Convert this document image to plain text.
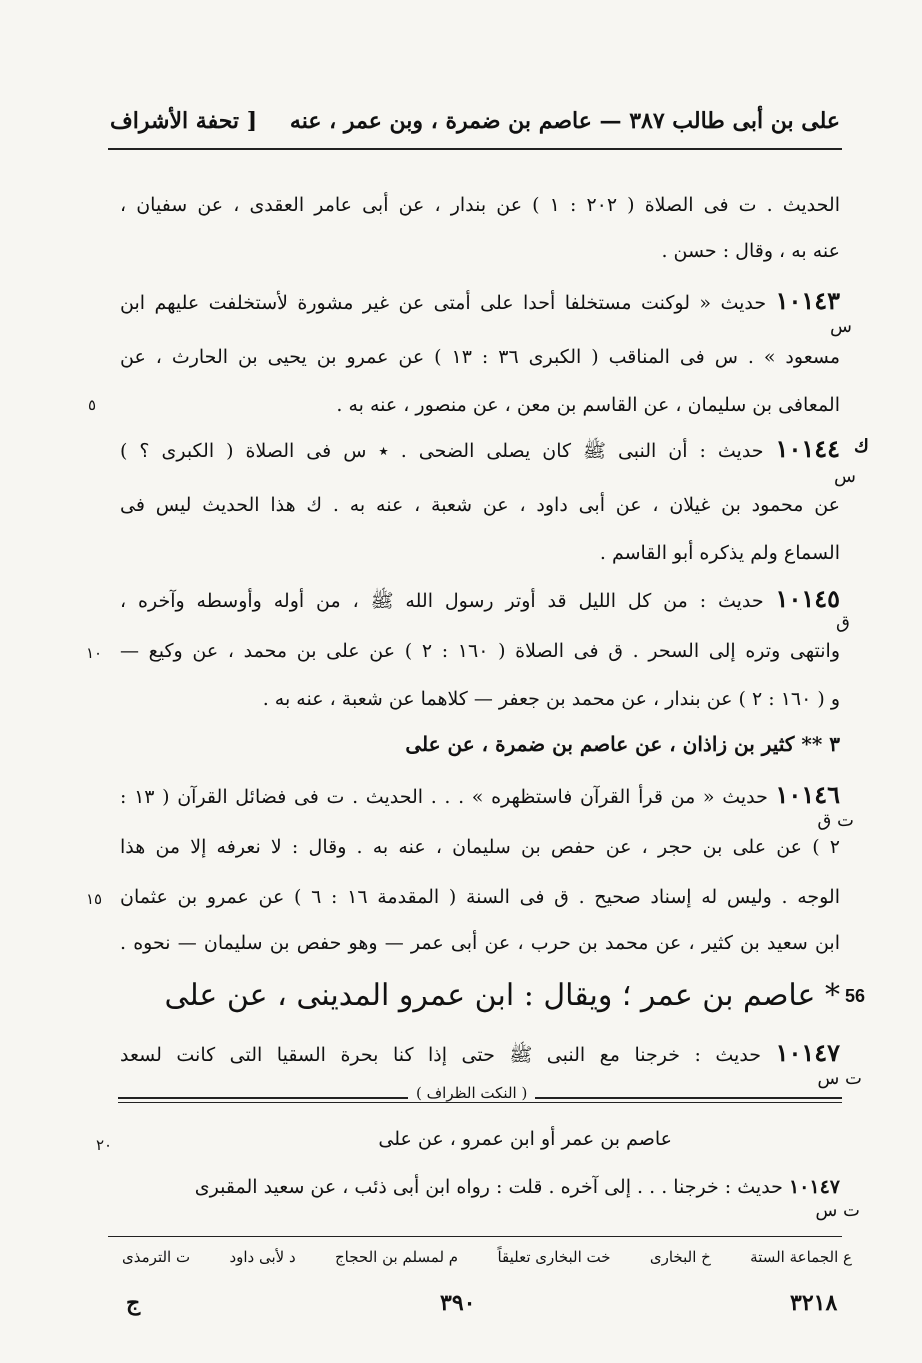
على بن أبى طالب ٣٨٧ — عاصم بن ضمرة ، وبن عمر ، عنه
[ تحفة الأشراف
الحديث . ت فى الصلاة ( ٢٠٢ : ١ ) عن بندار ، عن أبى عامر العقدى ، عن سفيان ،
عنه به ، وقال : حسن .
١٠١٤٣ حديث « لوكنت مستخلفا أحدا على أمتى عن غير مشورة لأستخلفت عليهم ابن
س
مسعود » . س فى المناقب ( الكبرى ٣٦ : ١٣ ) عن عمرو بن يحيى بن الحارث ، عن
المعافى بن سليمان ، عن القاسم بن معن ، عن منصور ، عنه به .
٥
ك
١٠١٤٤ حديث : أن النبى ﷺ كان يصلى الضحى . ٭ س فى الصلاة ( الكبرى ؟ )
س
عن محمود بن غيلان ، عن أبى داود ، عن شعبة ، عنه به . ك هذا الحديث ليس فى
السماع ولم يذكره أبو القاسم .
١٠١٤٥ حديث : من كل الليل قد أوتر رسول الله ﷺ ، من أوله وأوسطه وآخره ،
ق
وانتهى وتره إلى السحر . ق فى الصلاة ( ١٦٠ : ٢ ) عن على بن محمد ، عن وكيع —
١٠
و ( ١٦٠ : ٢ ) عن بندار ، عن محمد بن جعفر — كلاهما عن شعبة ، عنه به .
٣ ** كثير بن زاذان ، عن عاصم بن ضمرة ، عن على
١٠١٤٦ حديث « من قرأ القرآن فاستظهره » . . . الحديث . ت فى فضائل القرآن ( ١٣ :
ت ق
٢ ) عن على بن حجر ، عن حفص بن سليمان ، عنه به . وقال : لا نعرفه إلا من هذا
الوجه . وليس له إسناد صحيح . ق فى السنة ( المقدمة ١٦ : ٦ ) عن عمرو بن عثمان
١٥
ابن سعيد بن كثير ، عن محمد بن حرب ، عن أبى عمر — وهو حفص بن سليمان — نحوه .
56
* عاصم بن عمر ؛ ويقال : ابن عمرو المدينى ، عن على
١٠١٤٧ حديث : خرجنا مع النبى ﷺ حتى إذا كنا بحرة السقيا التى كانت لسعد
ت س
( النكت الظراف )
عاصم بن عمر أو ابن عمرو ، عن على
٢٠
١٠١٤٧ حديث : خرجنا . . . إلى آخره . قلت : رواه ابن أبى ذئب ، عن سعيد المقبرى
ت س
ع الجماعة الستة
خ البخارى
خت البخارى تعليقاً
م لمسلم بن الحجاج
د لأبى داود
ت الترمذى
ج	٣٩٠	٣٢١٨
